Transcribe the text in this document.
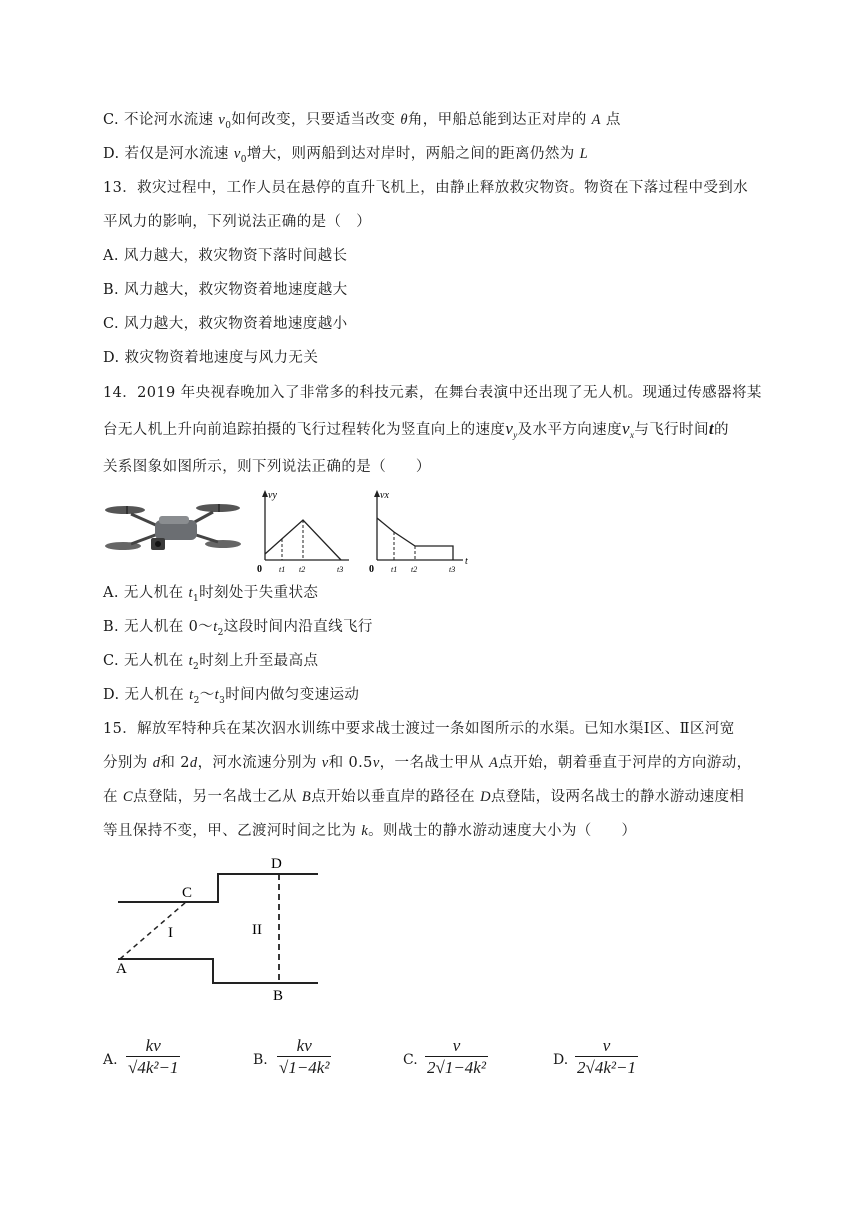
C. 不论河水流速 $v_0$如何改变，只要适当改变 θ角，甲船总能到达正对岸的 A 点
D. 若仅是河水流速 $v_0$增大，则两船到达对岸时，两船之间的距离仍然为 L
13．救灾过程中，工作人员在悬停的直升飞机上，由静止释放救灾物资。物资在下落过程中受到水
平风力的影响，下列说法正确的是（　）
A. 风力越大，救灾物资下落时间越长
B. 风力越大，救灾物资着地速度越大
C. 风力越大，救灾物资着地速度越小
D. 救灾物资着地速度与风力无关
14．2019 年央视春晚加入了非常多的科技元素，在舞台表演中还出现了无人机。现通过传感器将某
台无人机上升向前追踪拍摄的飞行过程转化为竖直向上的速度$v_y$及水平方向速度$v_x$与飞行时间t的
关系图象如图所示，则下列说法正确的是（　　）
vy
0 t1 t2	t3
vx
0 t1 t2	t3
t
A. 无人机在 $t_1$时刻处于失重状态
B. 无人机在 $0\sim t_2$这段时间内沿直线飞行
C. 无人机在 $t_2$时刻上升至最高点
D. 无人机在 $t_2\sim t_3$时间内做匀变速运动
15．解放军特种兵在某次泅水训练中要求战士渡过一条如图所示的水渠。已知水渠Ⅰ区、Ⅱ区河宽
分别为 d和 2d，河水流速分别为 v和 0.5v，一名战士甲从 A点开始，朝着垂直于河岸的方向游动，
在 C点登陆，另一名战士乙从 B点开始以垂直岸的路径在 D点登陆，设两名战士的静水游动速度相
等且保持不变，甲、乙渡河时间之比为 k。则战士的静水游动速度大小为（　　）
C
D
A
B
I	II
A. $\frac{kv}{\text{√4k²−1}}$	B. $\frac{kv}{\text{√1−4k²}}$	C. $\frac{v}{\text{2√1−4k²}}$	D. $\frac{v}{\text{2√4k²−1}}$
